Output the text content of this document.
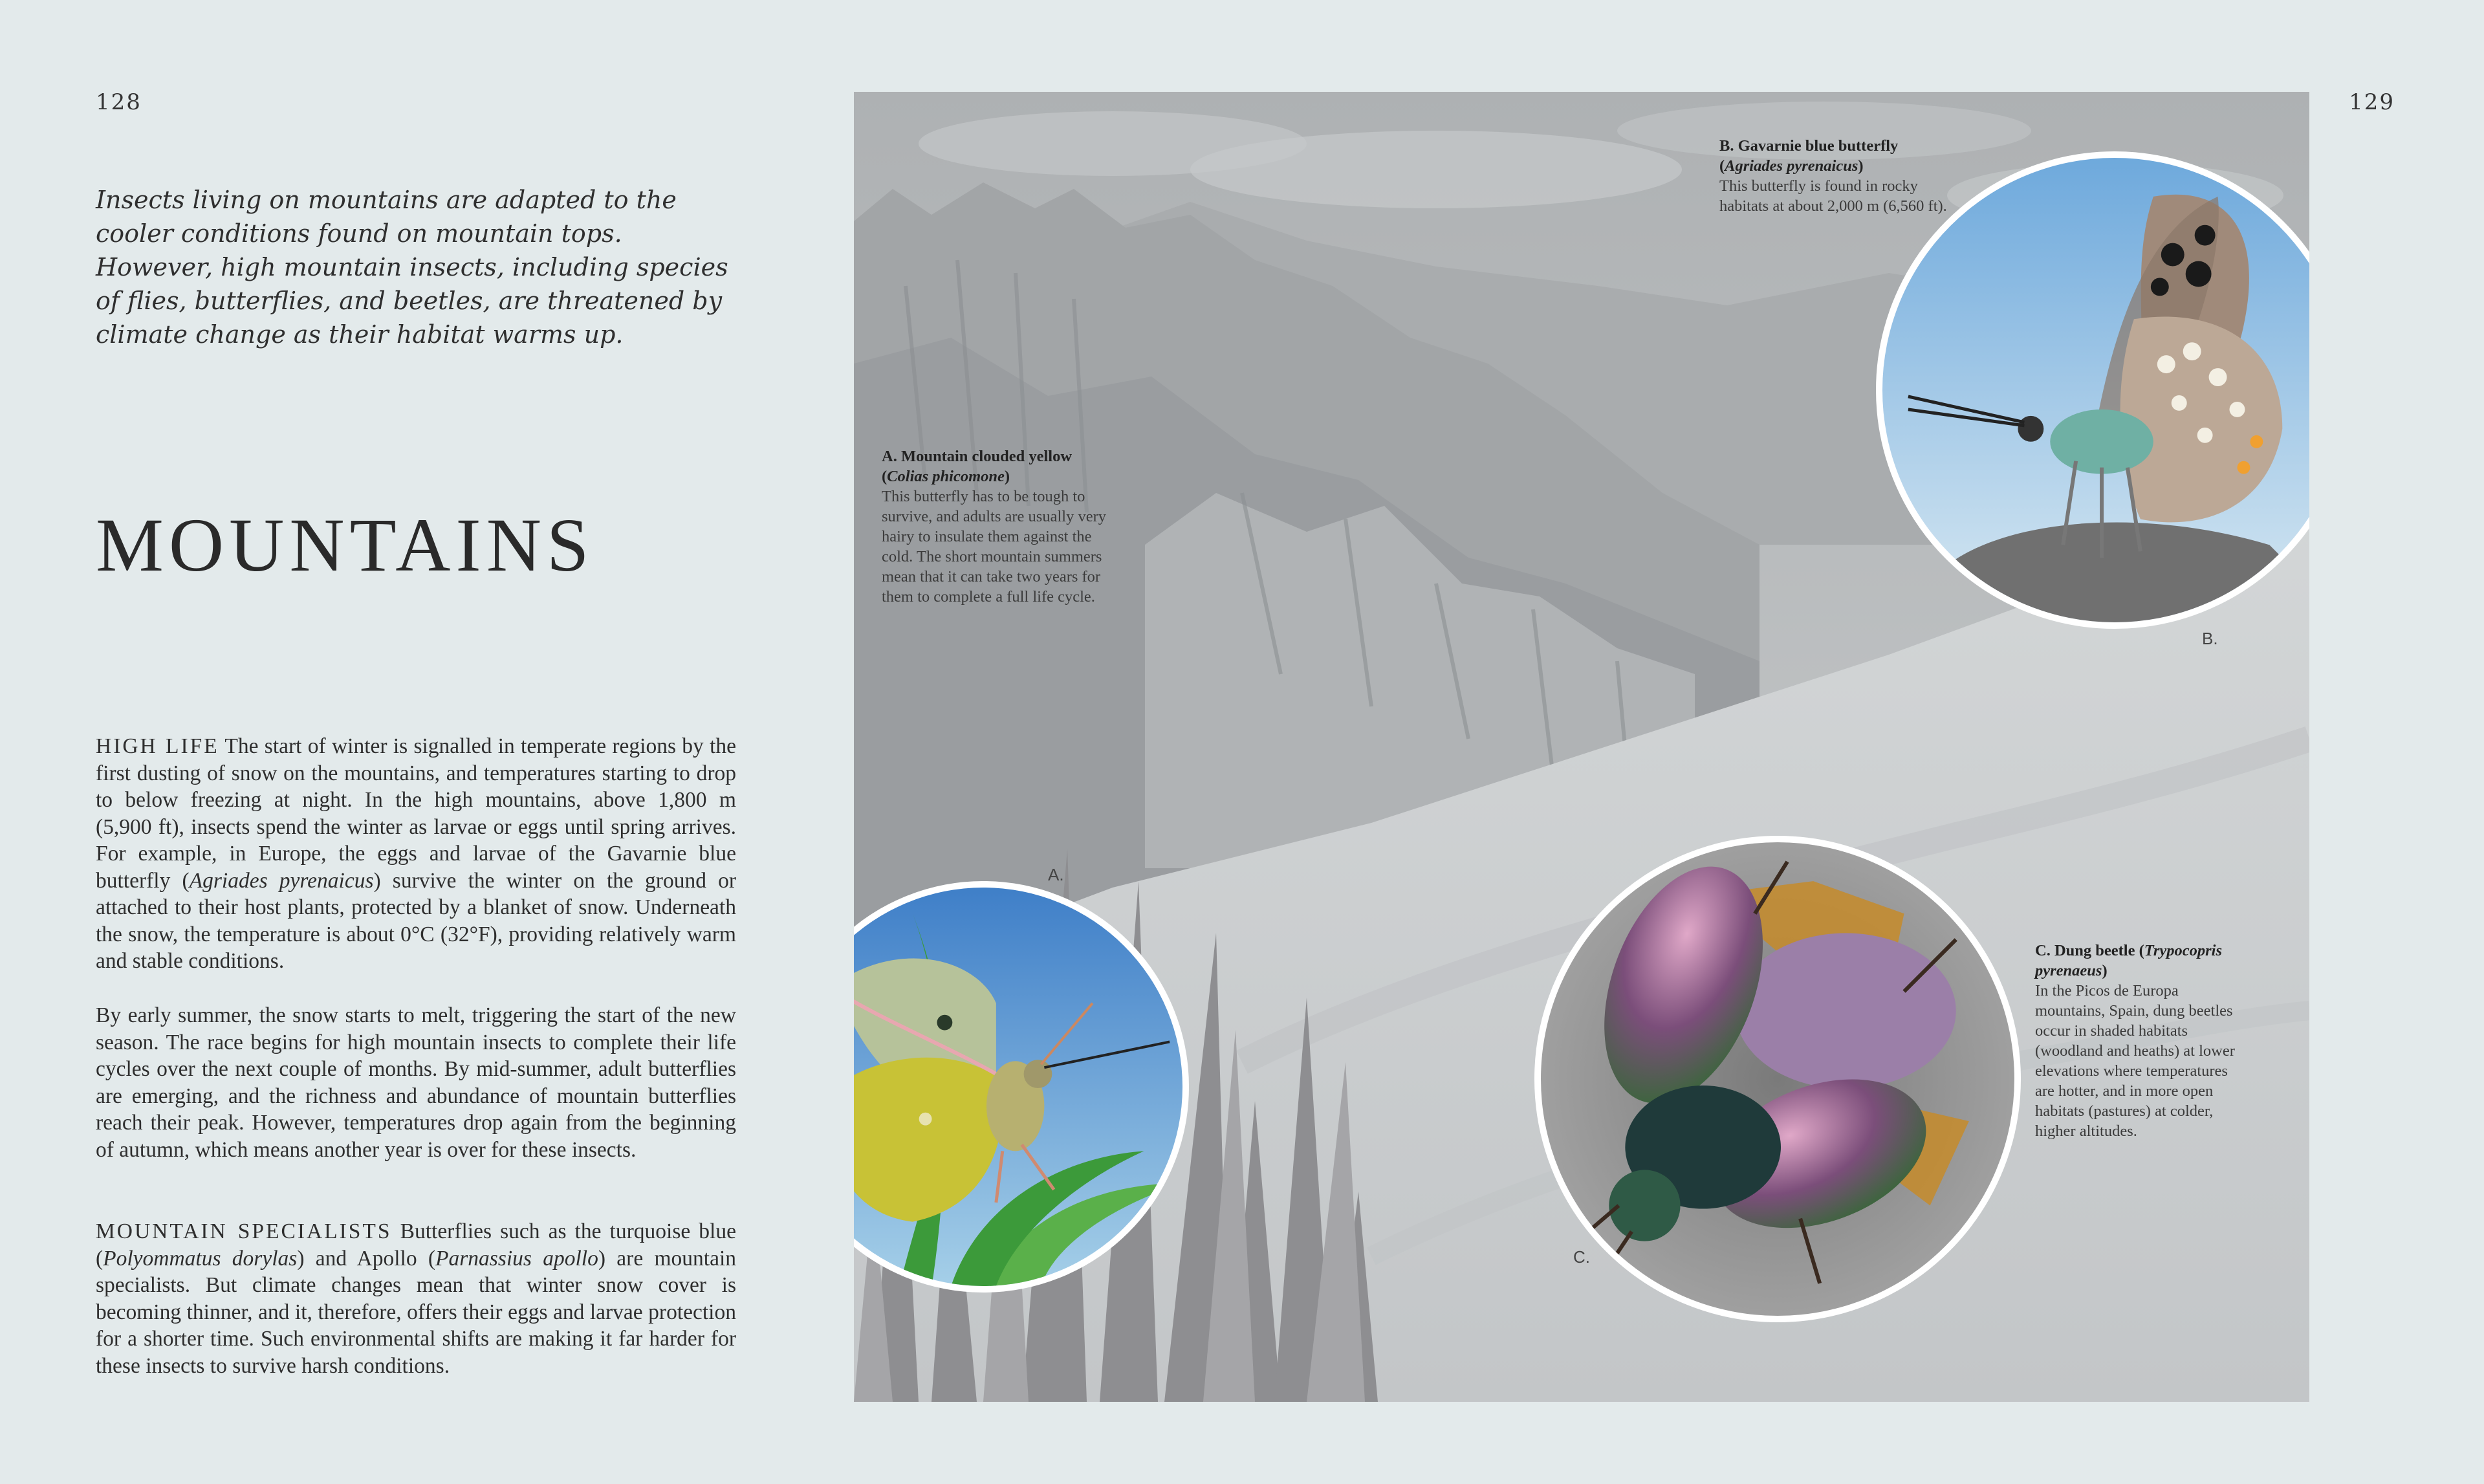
128	129

Insects living on mountains are adapted to the cooler conditions found on mountain tops. However, high mountain insects, including species of flies, butterflies, and beetles, are threatened by climate change as their habitat warms up.

MOUNTAINS

HIGH LIFE The start of winter is signalled in temperate regions by the first dusting of snow on the mountains, and temperatures starting to drop to below freezing at night. In the high mountains, above 1,800 m (5,900 ft), insects spend the winter as larvae or eggs until spring arrives. For example, in Europe, the eggs and larvae of the Gavarnie blue butterfly (Agriades pyrenaicus) survive the winter on the ground or attached to their host plants, protected by a blanket of snow. Underneath the snow, the temperature is about 0°C (32°F), providing relatively warm and stable conditions.

By early summer, the snow starts to melt, triggering the start of the new season. The race begins for high mountain insects to complete their life cycles over the next couple of months. By mid-summer, adult butterflies are emerging, and the richness and abundance of mountain butterflies reach their peak. However, temperatures drop again from the beginning of autumn, which means another year is over for these insects.

MOUNTAIN SPECIALISTS Butterflies such as the turquoise blue (Polyommatus dorylas) and Apollo (Parnassius apollo) are mountain specialists. But climate changes mean that winter snow cover is becoming thinner, and it, therefore, offers their eggs and larvae protection for a shorter time. Such environmental shifts are making it far harder for these insects to survive harsh conditions.

A. Mountain clouded yellow (Colias phicomone)
This butterfly has to be tough to survive, and adults are usually very hairy to insulate them against the cold. The short mountain summers mean that it can take two years for them to complete a full life cycle.
B. Gavarnie blue butterfly (Agriades pyrenaicus)
This butterfly is found in rocky habitats at about 2,000 m (6,560 ft).
C. Dung beetle (Trypocopris pyrenaeus)
In the Picos de Europa mountains, Spain, dung beetles occur in shaded habitats (woodland and heaths) at lower elevations where temperatures are hotter, and in more open habitats (pastures) at colder, higher altitudes.
A.
B.
C.
